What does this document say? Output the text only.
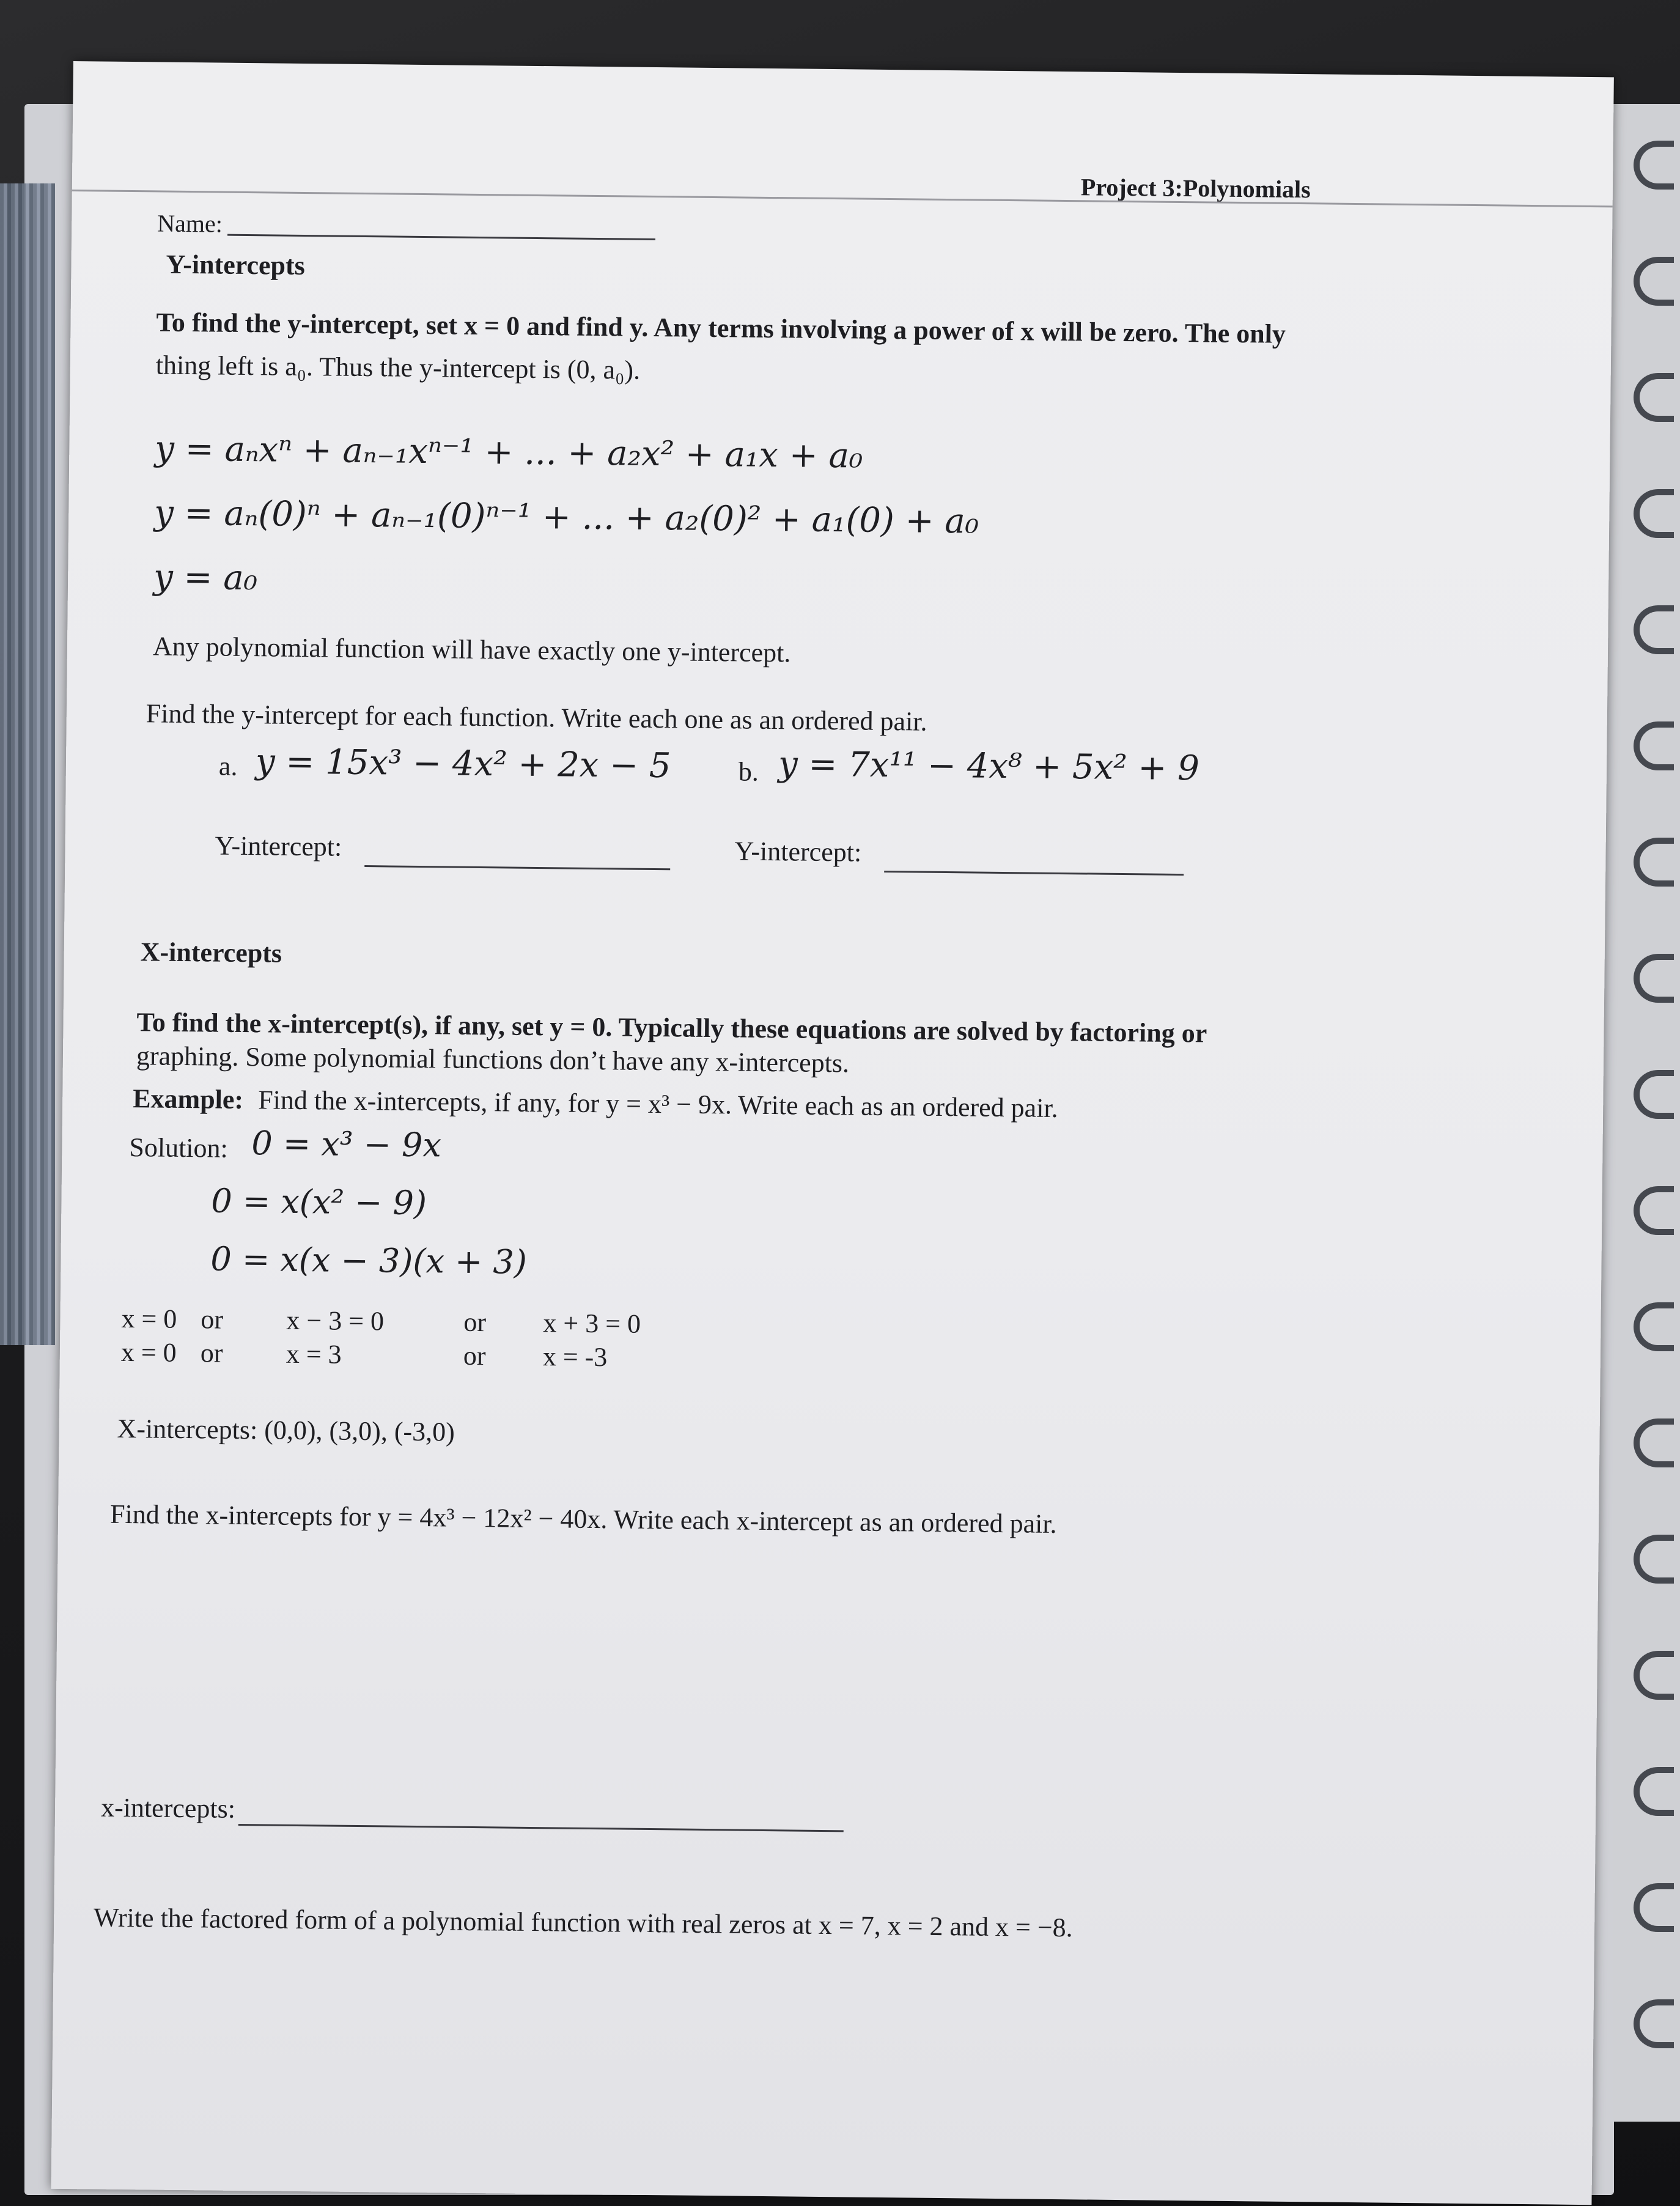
Project 3:Polynomials
Name:
Y-intercepts
To find the y-intercept, set x = 0 and find y. Any terms involving a power of x will be zero. The only
thing left is a₀. Thus the y-intercept is (0, a₀).
y = aₙxⁿ + aₙ₋₁xⁿ⁻¹ + ... + a₂x² + a₁x + a₀
y = aₙ(0)ⁿ + aₙ₋₁(0)ⁿ⁻¹ + ... + a₂(0)² + a₁(0) + a₀
y = a₀
Any polynomial function will have exactly one y-intercept.
Find the y-intercept for each function. Write each one as an ordered pair.
a. y = 15x³ − 4x² + 2x − 5 b. y = 7x¹¹ − 4x⁸ + 5x² + 9
Y-intercept:	Y-intercept:
X-intercepts
To find the x-intercept(s), if any, set y = 0. Typically these equations are solved by factoring or
graphing. Some polynomial functions don’t have any x-intercepts.
Example: Find the x-intercepts, if any, for y = x³ − 9x. Write each as an ordered pair.
Solution: 0 = x³ − 9x
0 = x(x² − 9)
0 = x(x − 3)(x + 3)
x = 0 or x − 3 = 0	or x + 3 = 0
x = 0 or x = 3	or x = -3
X-intercepts: (0,0), (3,0), (-3,0)
Find the x-intercepts for y = 4x³ − 12x² − 40x. Write each x-intercept as an ordered pair.
x-intercepts:
Write the factored form of a polynomial function with real zeros at x = 7, x = 2 and x = −8.
